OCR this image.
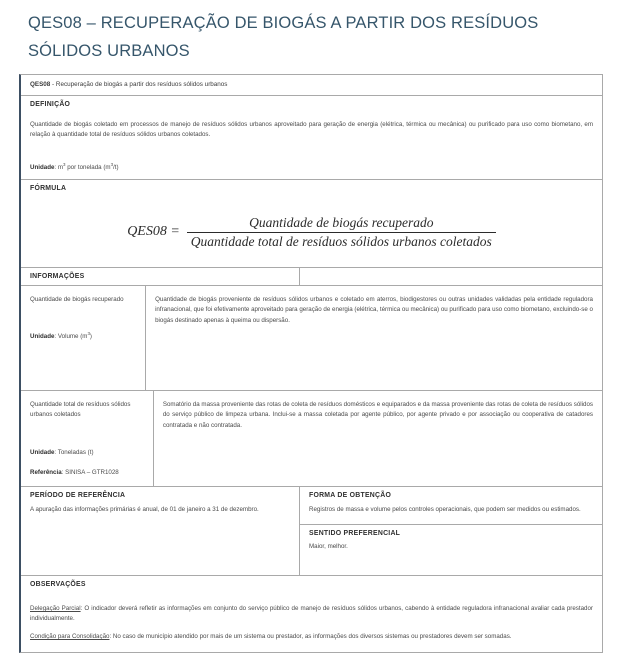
QES08 – RECUPERAÇÃO DE BIOGÁS A PARTIR DOS RESÍDUOS SÓLIDOS URBANOS
QES08 - Recuperação de biogás a partir dos resíduos sólidos urbanos
DEFINIÇÃO

Quantidade de biogás coletado em processos de manejo de resíduos sólidos urbanos aproveitado para geração de energia (elétrica, térmica ou mecânica) ou purificado para uso como biometano, em relação à quantidade total de resíduos sólidos urbanos coletados.

Unidade: $m^3$ por tonelada $(m^3/t)$

FÓRMULA
$QES08 = \frac{\text{Quantidade de biogás recuperado}}{\text{Quantidade total de resíduos sólidos urbanos coletados}}$
INFORMAÇÕES

Quantidade de biogás recuperado

Unidade: Volume $(m^3)$

Quantidade de biogás proveniente de resíduos sólidos urbanos e coletado em aterros, biodigestores ou outras unidades validadas pela entidade reguladora infranacional, que foi efetivamente aproveitado para geração de energia (elétrica, térmica ou mecânica) ou purificado para uso como biometano, excluindo-se o biogás destinado apenas à queima ou dispersão.

Quantidade total de resíduos sólidos urbanos coletados

Unidade: Toneladas (t)

Referência: SINISA – GTR1028

Somatório da massa proveniente das rotas de coleta de resíduos domésticos e equiparados e da massa proveniente das rotas de coleta de resíduos sólidos do serviço público de limpeza urbana. Inclui-se a massa coletada por agente público, por agente privado e por associação ou cooperativa de catadores contratada e não contratada.

PERÍODO DE REFERÊNCIA

A apuração das informações primárias é anual, de 01 de janeiro a 31 de dezembro.

FORMA DE OBTENÇÃO

Registros de massa e volume pelos controles operacionais, que podem ser medidos ou estimados.

SENTIDO PREFERENCIAL

Maior, melhor.

OBSERVAÇÕES

Delegação Parcial: O indicador deverá refletir as informações em conjunto do serviço público de manejo de resíduos sólidos urbanos, cabendo à entidade reguladora infranacional avaliar cada prestador individualmente.

Condição para Consolidação: No caso de município atendido por mais de um sistema ou prestador, as informações dos diversos sistemas ou prestadores devem ser somadas.
